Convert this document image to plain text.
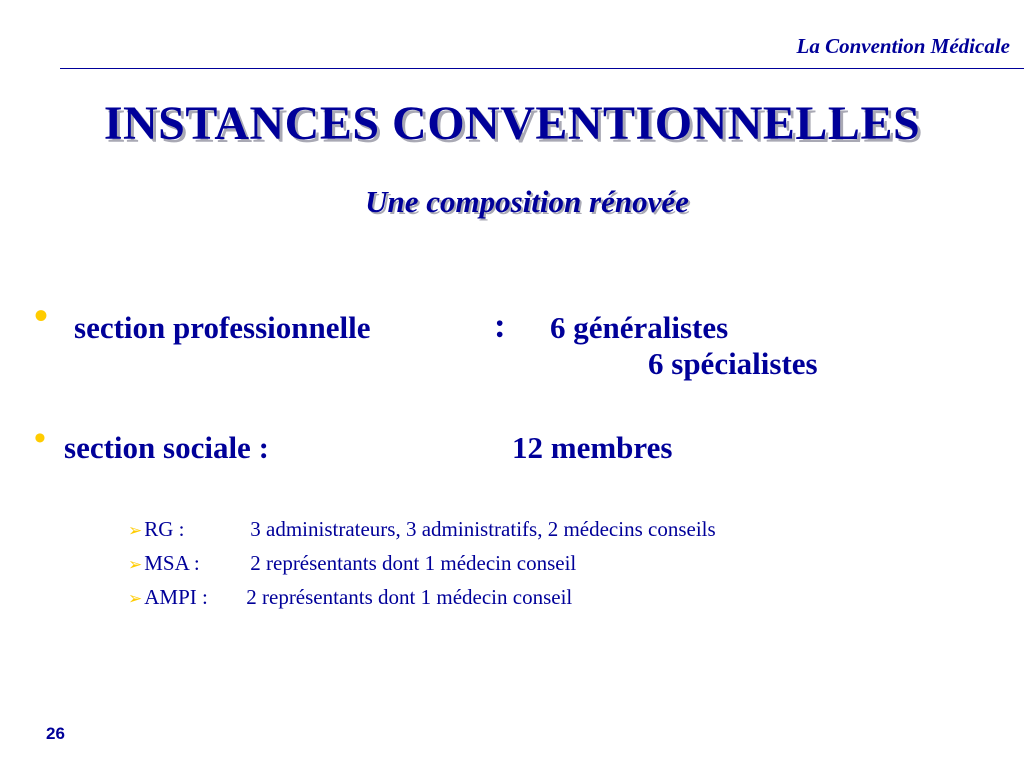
La Convention Médicale
INSTANCES CONVENTIONNELLES
Une composition rénovée
• section professionnelle	: 6 généralistes
6 spécialistes
• section sociale :	12 membres
➢RG :	3 administrateurs, 3 administratifs, 2 médecins conseils
➢MSA : 2 représentants dont 1 médecin conseil
➢AMPI : 2 représentants dont 1 médecin conseil
26
